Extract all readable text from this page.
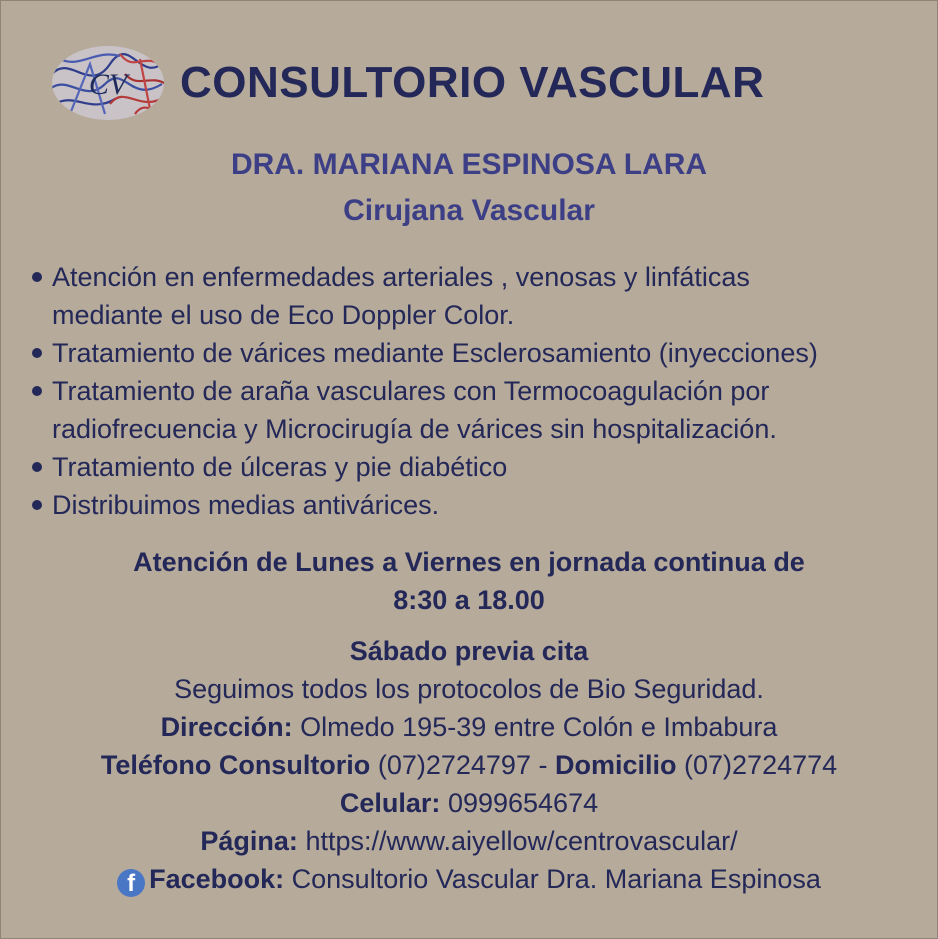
CV CONSULTORIO VASCULAR
DRA. MARIANA ESPINOSA LARA
Cirujana Vascular
Atención en enfermedades arteriales , venosas y linfáticas
mediante el uso de Eco Doppler Color.
Tratamiento de várices mediante Esclerosamiento (inyecciones)
Tratamiento de araña vasculares con Termocoagulación por
radiofrecuencia y Microcirugía de várices sin hospitalización.
Tratamiento de úlceras y pie diabético
Distribuimos medias antivárices.
Atención de Lunes a Viernes en jornada continua de
8:30 a 18.00
Sábado previa cita
Seguimos todos los protocolos de Bio Seguridad.
Dirección: Olmedo 195-39 entre Colón e Imbabura
Teléfono Consultorio (07)2724797 - Domicilio (07)2724774
Celular: 0999654674
Página: https://www.aiyellow/centrovascular/
f Facebook: Consultorio Vascular Dra. Mariana Espinosa
